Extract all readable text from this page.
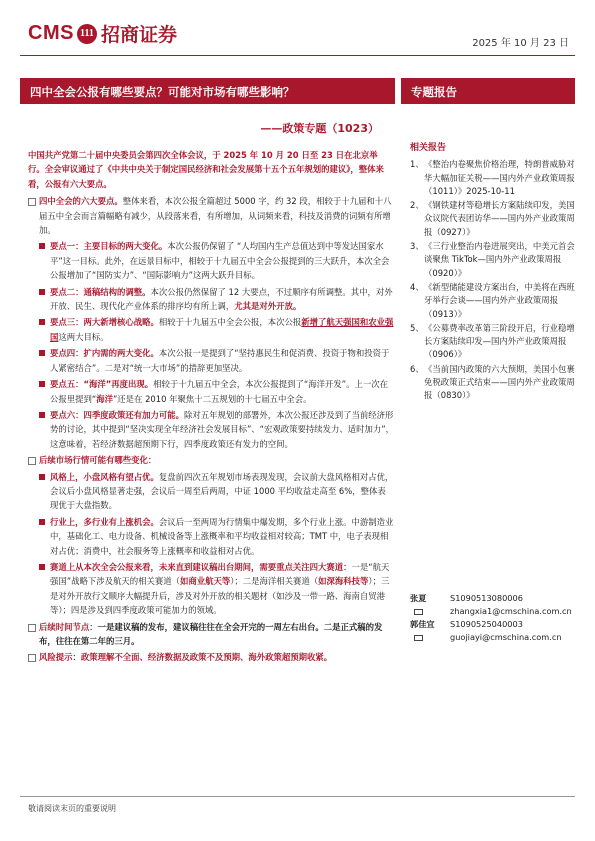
CMS 111 招商证券	2025 年 10 月 23 日
四中全会公报有哪些要点？可能对市场有哪些影响？	专题报告
——政策专题（1023）
中国共产党第二十届中央委员会第四次全体会议，于 2025 年 10 月 20 日至 23 日在北京举行。全会审议通过了《中共中央关于制定国民经济和社会发展第十五个五年规划的建议》，整体来看，公报有六大要点。
四中全会的六大要点。整体来看，本次公报全篇超过 5000 字，约 32 段，相较于十九届和十八届五中全会而言篇幅略有减少，从段落来看，有所增加，从词频来看，科技及消费的词频有所增加。
要点一：主要目标的两大变化。本次公报仍保留了 “人均国内生产总值达到中等发达国家水平”这一目标。此外，在远景目标中，相较于十九届五中全会公报提到的三大跃升，本次全会公报增加了“国防实力”、“国际影响力”这两大跃升目标。
要点二：通稿结构的调整。本次公报仍然保留了 12 大要点，不过顺序有所调整。其中，对外开放、民生、现代化产业体系的排序均有所上调，尤其是对外开放。
要点三：两大新增核心战略。相较于十九届五中全会公报，本次公报新增了航天强国和农业强国这两大目标。
要点四：扩内需的两大变化。本次公报一是提到了“坚持惠民生和促消费、投资于物和投资于人紧密结合”。二是对“统一大市场”的措辞更加坚决。
要点五：“海洋”再度出现。相较于十九届五中全会，本次公报提到了“海洋开发”。上一次在公报里提到“海洋”还是在 2010 年聚焦十二五规划的十七届五中全会。
要点六：四季度政策还有加力可能。除对五年规划的部署外，本次公报还涉及到了当前经济形势的讨论，其中提到“坚决实现全年经济社会发展目标”、“宏观政策要持续发力、适时加力”，这意味着，若经济数据超预期下行，四季度政策还有发力的空间。
后续市场行情可能有哪些变化：
风格上，小盘风格有望占优。复盘前四次五年规划市场表现发现，会议前大盘风格相对占优，会议后小盘风格显著走强，会议后一周至后两周，中证 1000 平均收益走高至 6%，整体表现优于大盘指数。
行业上，多行业有上涨机会。会议后一至两周为行情集中爆发期，多个行业上涨。中游制造业中，基础化工、电力设备、机械设备等上涨概率和平均收益相对较高；TMT 中，电子表现相对占优；消费中，社会服务等上涨概率和收益相对占优。
赛道上从本次全会公报来看，未来直到建议稿出台期间，需要重点关注四大赛道：一是“航天强国”战略下涉及航天的相关赛道（如商业航天等）；二是海洋相关赛道（如深海科技等）；三是对外开放行文顺序大幅提升后，涉及对外开放的相关题材（如沙及一带一路、海南自贸港等）；四是涉及到四季度政策可能加力的领域。
后续时间节点：一是建议稿的发布，建议稿往往在全会开完的一周左右出台。二是正式稿的发布，往往在第二年的三月。
风险提示：政策理解不全面、经济数据及政策不及预期、海外政策超预期收紧。
相关报告
1、 《整治内卷聚焦价格治理，特朗普威胁对华大幅加征关税——国内外产业政策周报（1011）》2025-10-11
2、 《钢铁建材等稳增长方案陆续印发，美国众议院代表团访华——国内外产业政策周报（0927）》
3、 《三行业整治内卷进展突出，中美元首会谈聚焦 TikTok—国内外产业政策周报（0920）》
4、 《新型储能建设方案出台，中美将在西班牙举行会谈——国内外产业政策周报（0913）》
5、 《公募费率改革第三阶段开启，行业稳增长方案陆续印发—国内外产业政策周报（0906）》
6、 《当前国内政策的六大预期，美国小包裹免税政策正式结束——国内外产业政策周报（0830）》
张夏	S1090513080006
zhangxia1@cmschina.com.cn
郭佳宜	S1090525040003
guojiayi@cmschina.com.cn
敬请阅读末页的重要说明
